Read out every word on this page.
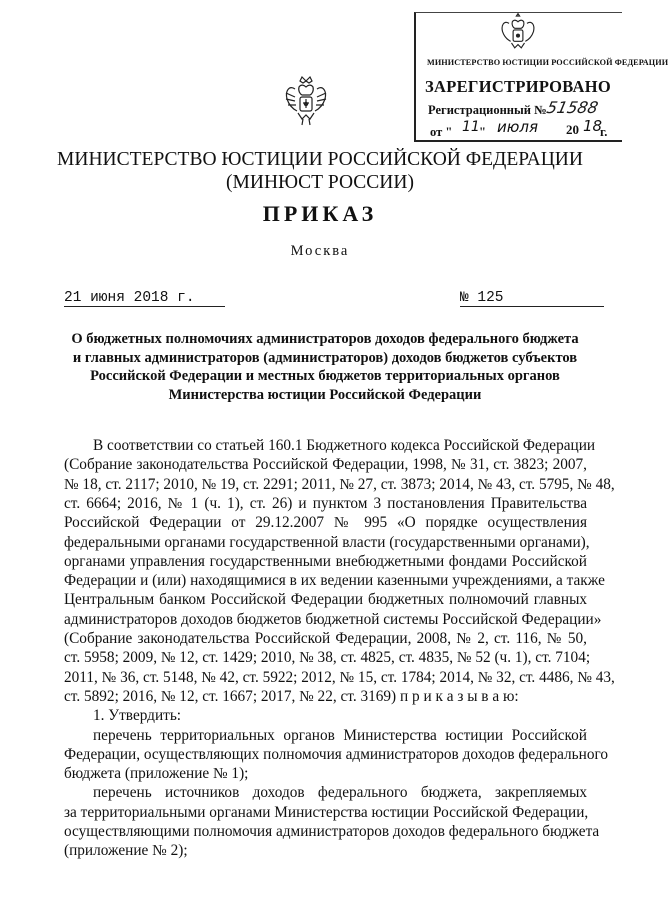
МИНИСТЕРСТВО ЮСТИЦИИ РОССИЙСКОЙ ФЕДЕРАЦИИ
ЗАРЕГИСТРИРОВАНО
Регистрационный №
51588
от " 11 " июля 20 18
г.
МИНИСТЕРСТВО ЮСТИЦИИ РОССИЙСКОЙ ФЕДЕРАЦИИ
(МИНЮСТ РОССИИ)
ПРИКАЗ
Москва
21 июня 2018 г.	№ 125
О бюджетных полномочиях администраторов доходов федерального бюджета
и главных администраторов (администраторов) доходов бюджетов субъектов
Российской Федерации и местных бюджетов территориальных органов
Министерства юстиции Российской Федерации
В соответствии со статьей 160.1 Бюджетного кодекса Российской Федерации
(Собрание законодательства Российской Федерации, 1998, № 31, ст. 3823; 2007,
№ 18, ст. 2117; 2010, № 19, ст. 2291; 2011, № 27, ст. 3873; 2014, № 43, ст. 5795, № 48,
ст. 6664; 2016, № 1 (ч. 1), ст. 26) и пунктом 3 постановления Правительства
Российской Федерации от 29.12.2007 № 995 «О порядке осуществления
федеральными органами государственной власти (государственными органами),
органами управления государственными внебюджетными фондами Российской
Федерации и (или) находящимися в их ведении казенными учреждениями, а также
Центральным банком Российской Федерации бюджетных полномочий главных
администраторов доходов бюджетов бюджетной системы Российской Федерации»
(Собрание законодательства Российской Федерации, 2008, № 2, ст. 116, № 50,
ст. 5958; 2009, № 12, ст. 1429; 2010, № 38, ст. 4825, ст. 4835, № 52 (ч. 1), ст. 7104;
2011, № 36, ст. 5148, № 42, ст. 5922; 2012, № 15, ст. 1784; 2014, № 32, ст. 4486, № 43,
ст. 5892; 2016, № 12, ст. 1667; 2017, № 22, ст. 3169) п р и к а з ы в а ю:
1. Утвердить:
перечень территориальных органов Министерства юстиции Российской
Федерации, осуществляющих полномочия администраторов доходов федерального
бюджета (приложение № 1);
перечень источников доходов федерального бюджета, закрепляемых
за территориальными органами Министерства юстиции Российской Федерации,
осуществляющими полномочия администраторов доходов федерального бюджета
(приложение № 2);
